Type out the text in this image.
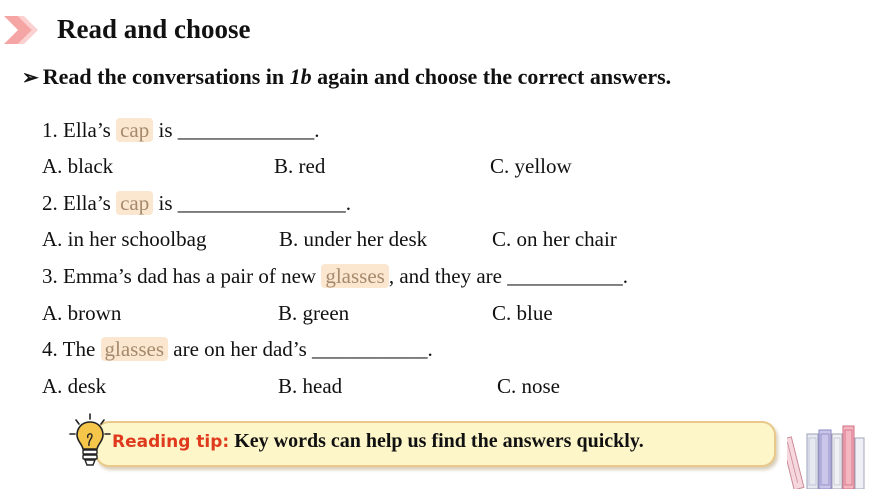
Read and choose
➢ Read the conversations in 1b again and choose the correct answers.
1. Ella’s cap is _____________.
A. black	B. red	C. yellow
2. Ella’s cap is ________________.
A. in her schoolbag	B. under her desk	C. on her chair
3. Emma’s dad has a pair of new glasses , and they are ___________.
A. brown	B. green	C. blue
4. The glasses are on her dad’s ___________.
A. desk	B. head	C. nose
Reading tip: Key words can help us find the answers quickly.
